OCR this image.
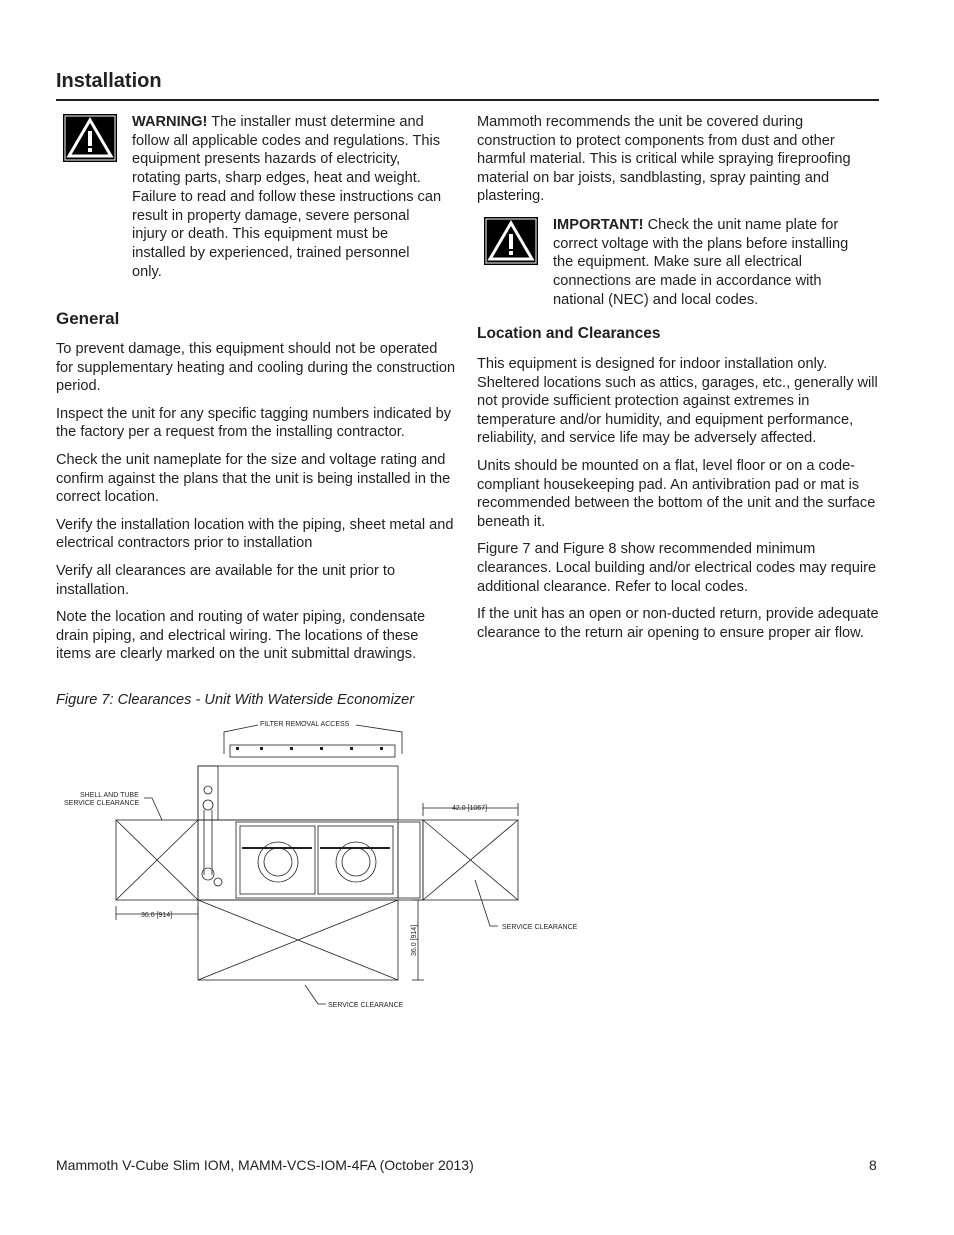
Installation
WARNING! The installer must determine and follow all applicable codes and regulations. This equipment presents hazards of electricity, rotating parts, sharp edges, heat and weight. Failure to read and follow these instructions can result in property damage, severe personal injury or death. This equipment must be installed by experienced, trained personnel only.
General

To prevent damage, this equipment should not be operated for supplementary heating and cooling during the construction period.

Inspect the unit for any specific tagging numbers indicated by the factory per a request from the installing contractor.

Check the unit nameplate for the size and voltage rating and confirm against the plans that the unit is being installed in the correct location.

Verify the installation location with the piping, sheet metal and electrical contractors prior to installation

Verify all clearances are available for the unit prior to installation.

Note the location and routing of water piping, condensate drain piping, and electrical wiring. The locations of these items are clearly marked on the unit submittal drawings.

Mammoth recommends the unit be covered during construction to protect components from dust and other harmful material. This is critical while spraying fireproofing material on bar joists, sandblasting, spray painting and plastering.

IMPORTANT! Check the unit name plate for correct voltage with the plans before installing the equipment. Make sure all electrical connections are made in accordance with national (NEC) and local codes.
Location and Clearances

This equipment is designed for indoor installation only. Sheltered locations such as attics, garages, etc., generally will not provide sufficient protection against extremes in temperature and/or humidity, and equipment performance, reliability, and service life may be adversely affected.

Units should be mounted on a flat, level floor or on a code-compliant housekeeping pad. An antivibration pad or mat is recommended between the bottom of the unit and the surface beneath it.

Figure 7 and Figure 8 show recommended minimum clearances. Local building and/or electrical codes may require additional clearance. Refer to local codes.

If the unit has an open or non-ducted return, provide adequate clearance to the return air opening to ensure proper air flow.

Figure 7: Clearances - Unit With Waterside Economizer
FILTER REMOVAL ACCESS
SHELL AND TUBE
SERVICE CLEARANCE
42.0 [1067]
36.0 [914]
36.0 [914]	SERVICE CLEARANCE
SERVICE CLEARANCE
Mammoth V-Cube Slim IOM, MAMM-VCS-IOM-4FA (October 2013)	8
